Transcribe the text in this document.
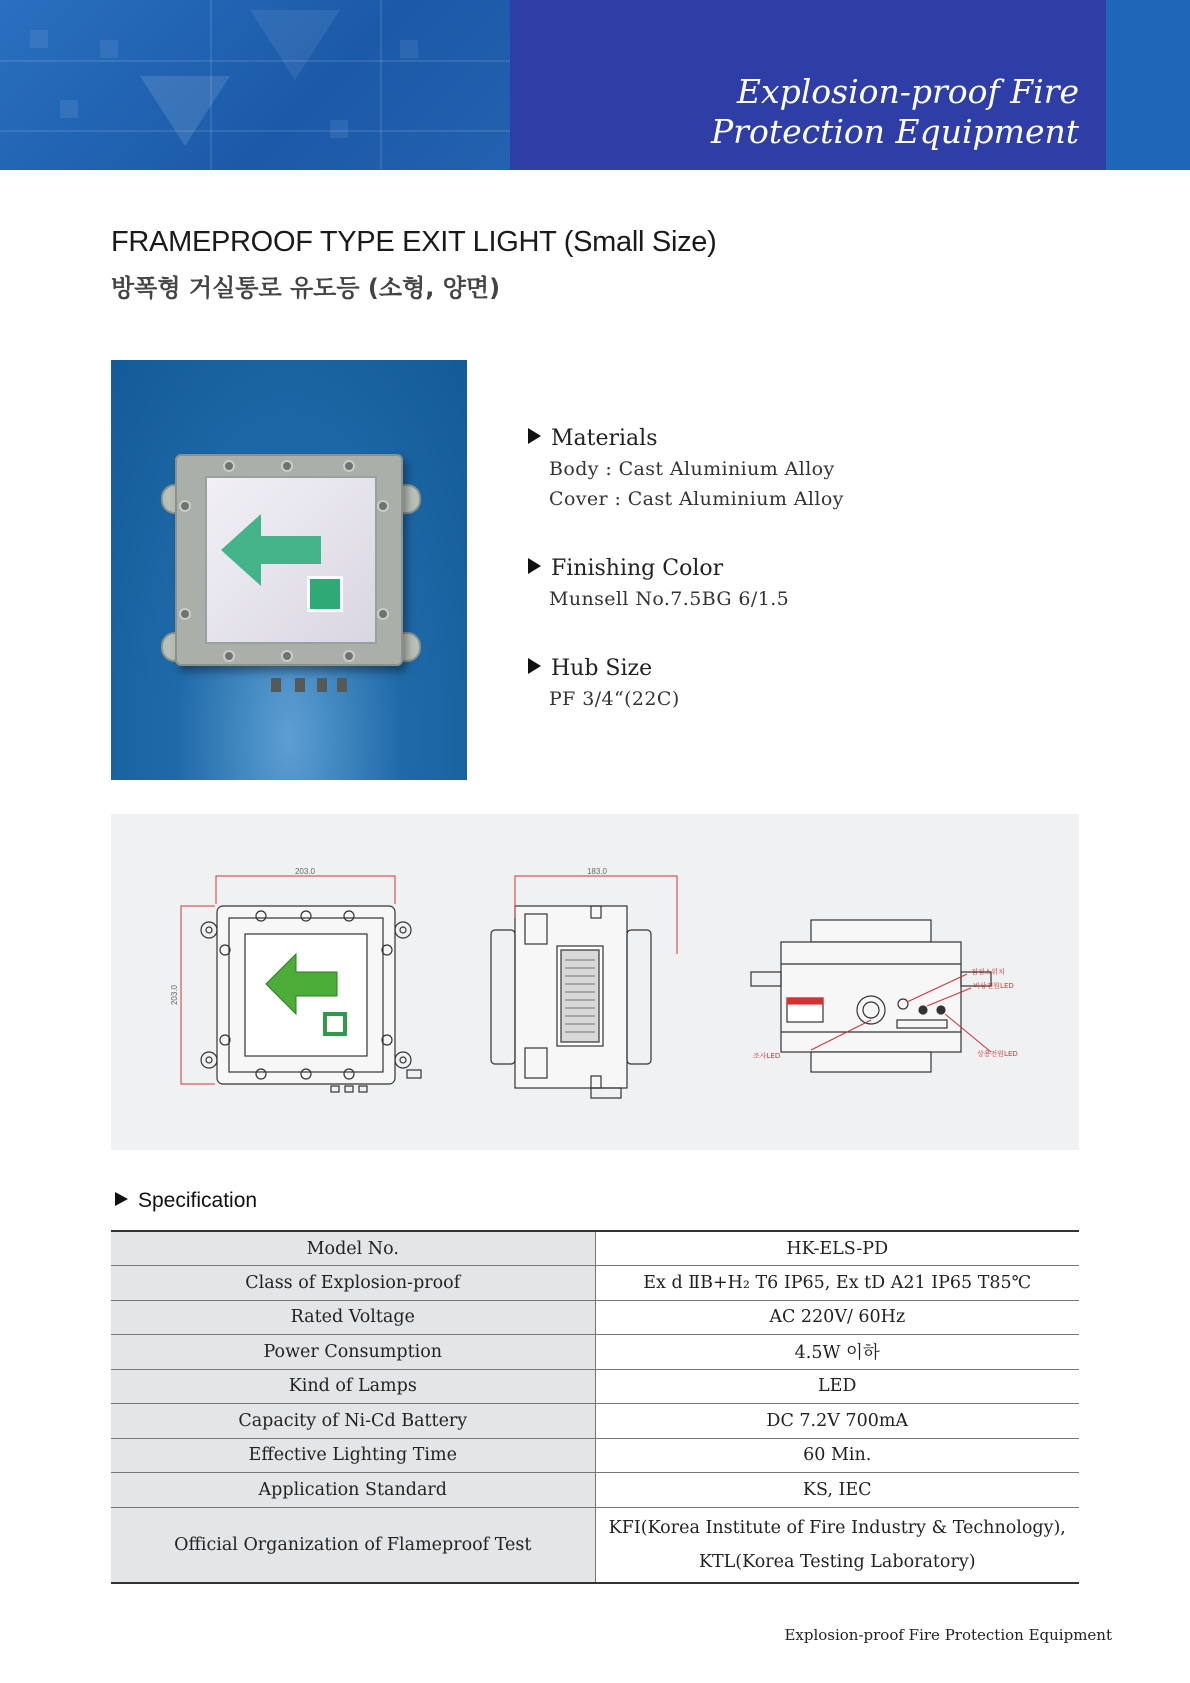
Explosion-proof Fire
Protection Equipment
FRAMEPROOF TYPE EXIT LIGHT (Small Size)
방폭형 거실통로 유도등 (소형, 양면)
Materials
Body : Cast Aluminium Alloy
Cover : Cast Aluminium Alloy
Finishing Color
Munsell No.7.5BG 6/1.5
Hub Size
PF 3/4“(22C)
203.0
203.0
183.0
점검스위치
비상전원LED
상용전원LED
조사LED
Specification
Model No.	HK-ELS-PD
Class of Explosion-proof	Ex d ⅡB+H₂ T6 IP65, Ex tD A21 IP65 T85℃
Rated Voltage	AC 220V/ 60Hz
Power Consumption	4.5W 이하
Kind of Lamps	LED
Capacity of Ni-Cd Battery	DC 7.2V 700mA
Effective Lighting Time	60 Min.
Application Standard	KS, IEC
Official Organization of Flameproof Test	KFI(Korea Institute of Fire Industry & Technology),
KTL(Korea Testing Laboratory)
Explosion-proof Fire Protection Equipment
